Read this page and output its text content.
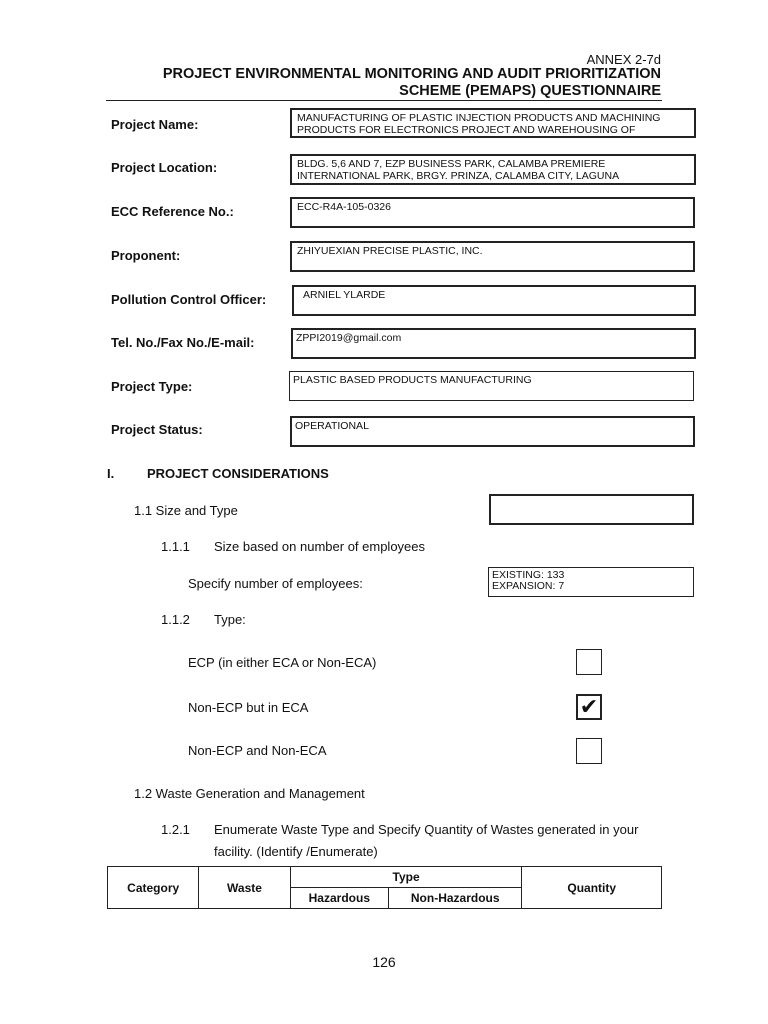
ANNEX 2-7d
PROJECT ENVIRONMENTAL MONITORING AND AUDIT PRIORITIZATION
SCHEME (PEMAPS) QUESTIONNAIRE
Project Name:	MANUFACTURING OF PLASTIC INJECTION PRODUCTS AND MACHINING PRODUCTS FOR ELECTRONICS PROJECT AND WAREHOUSING OF
Project Location:	BLDG. 5,6 AND 7, EZP BUSINESS PARK, CALAMBA PREMIERE INTERNATIONAL PARK, BRGY. PRINZA, CALAMBA CITY, LAGUNA
ECC Reference No.:	ECC-R4A-105-0326
Proponent:	ZHIYUEXIAN PRECISE PLASTIC, INC.
Pollution Control Officer:	ARNIEL YLARDE
Tel. No./Fax No./E-mail:	ZPPI2019@gmail.com
Project Type:	PLASTIC BASED PRODUCTS MANUFACTURING
Project Status:	OPERATIONAL
I.	PROJECT CONSIDERATIONS
1.1 Size and Type
1.1.1 Size based on number of employees
Specify number of employees:
EXISTING: 133
EXPANSION: 7
1.1.2 Type:
ECP (in either ECA or Non-ECA)
Non-ECP but in ECA	✔
Non-ECP and Non-ECA
1.2 Waste Generation and Management
1.2.1 Enumerate Waste Type and Specify Quantity of Wastes generated in your
facility. (Identify /Enumerate)
Category	Waste	Type		Quantity
		Hazardous	Non-Hazardous	
126
